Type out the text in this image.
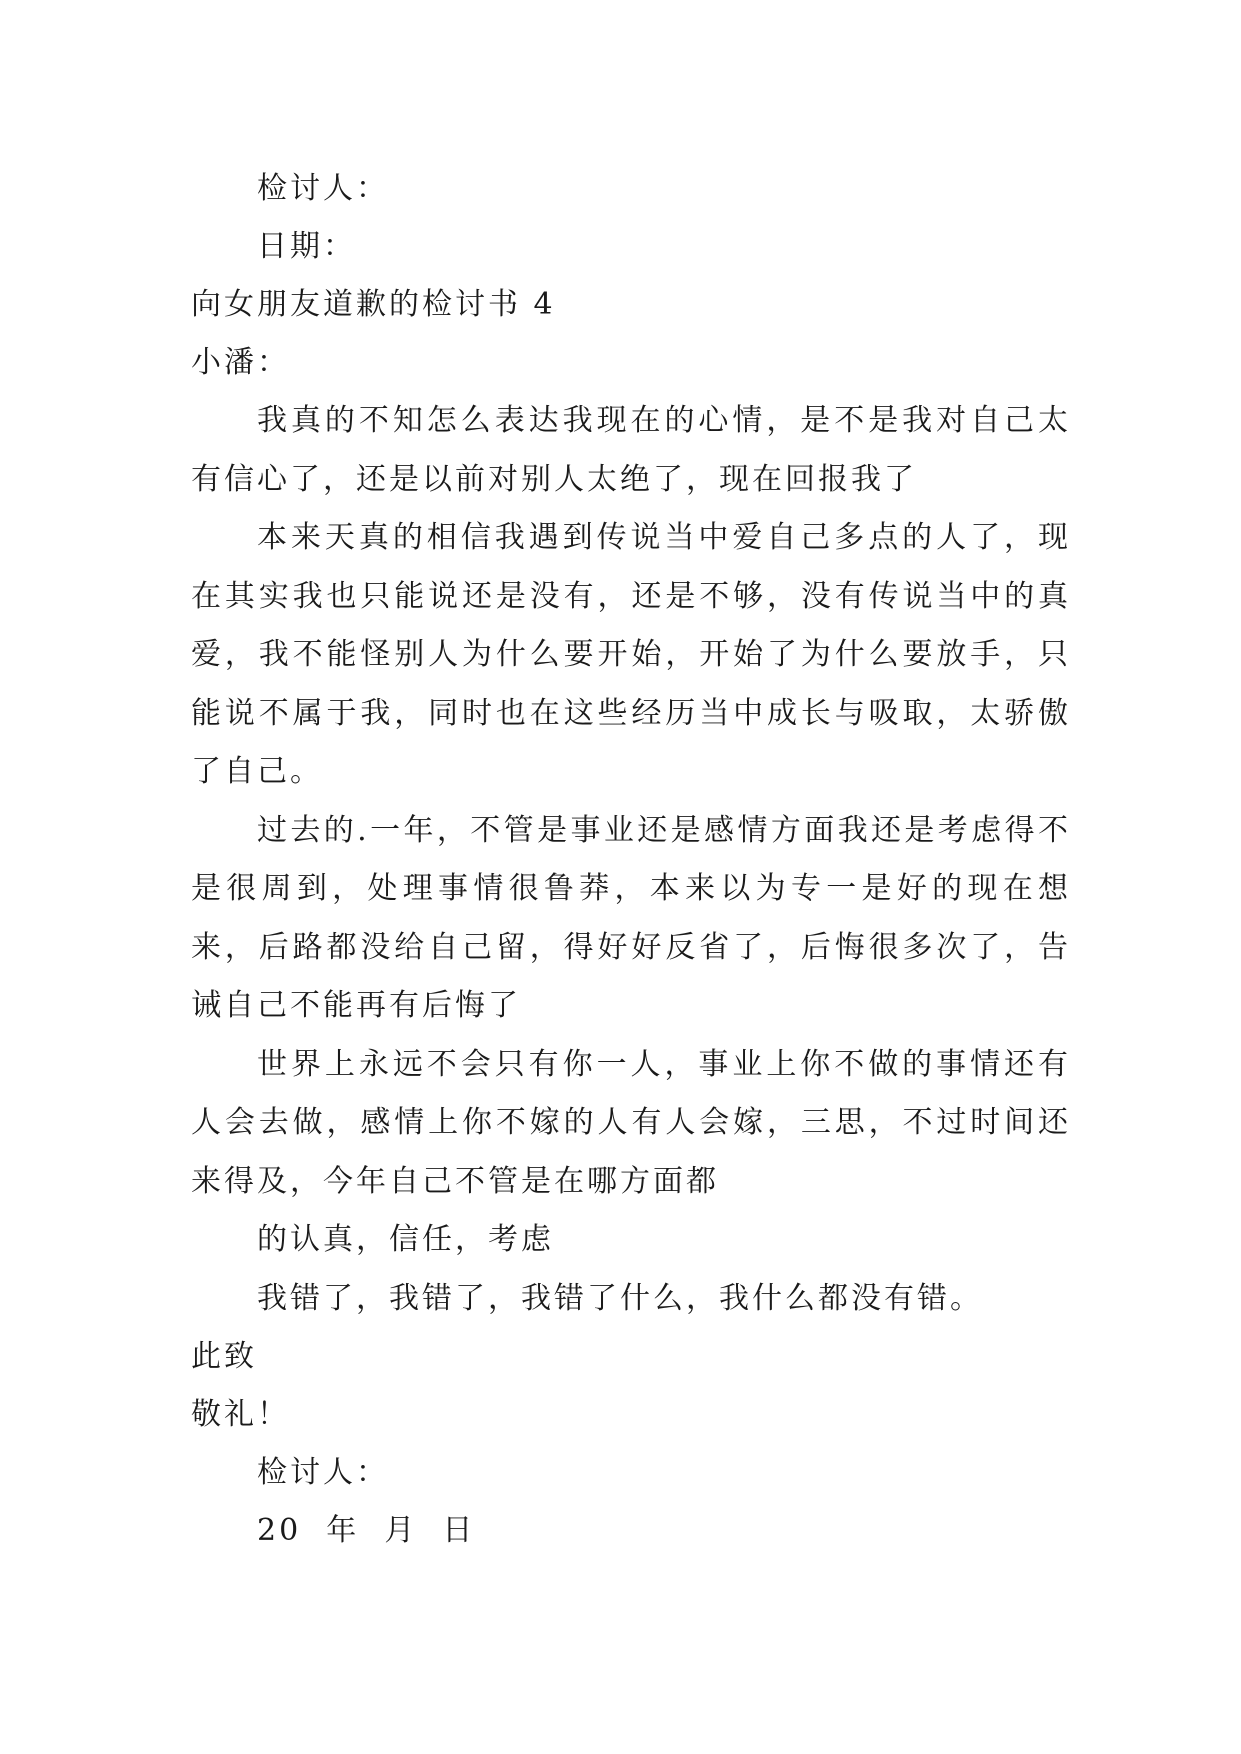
检讨人：
日期：
向女朋友道歉的检讨书 4
小潘：

我真的不知怎么表达我现在的心情，是不是我对自己太有信心了，还是以前对别人太绝了，现在回报我了

本来天真的相信我遇到传说当中爱自己多点的人了，现在其实我也只能说还是没有，还是不够，没有传说当中的真爱，我不能怪别人为什么要开始，开始了为什么要放手，只能说不属于我，同时也在这些经历当中成长与吸取，太骄傲了自己。

过去的.一年，不管是事业还是感情方面我还是考虑得不是很周到，处理事情很鲁莽，本来以为专一是好的现在想来，后路都没给自己留，得好好反省了，后悔很多次了，告诫自己不能再有后悔了

世界上永远不会只有你一人，事业上你不做的事情还有人会去做，感情上你不嫁的人有人会嫁，三思，不过时间还来得及，今年自己不管是在哪方面都

的认真，信任，考虑

我错了，我错了，我错了什么，我什么都没有错。

此致
敬礼！
检讨人：
20  年  月  日
